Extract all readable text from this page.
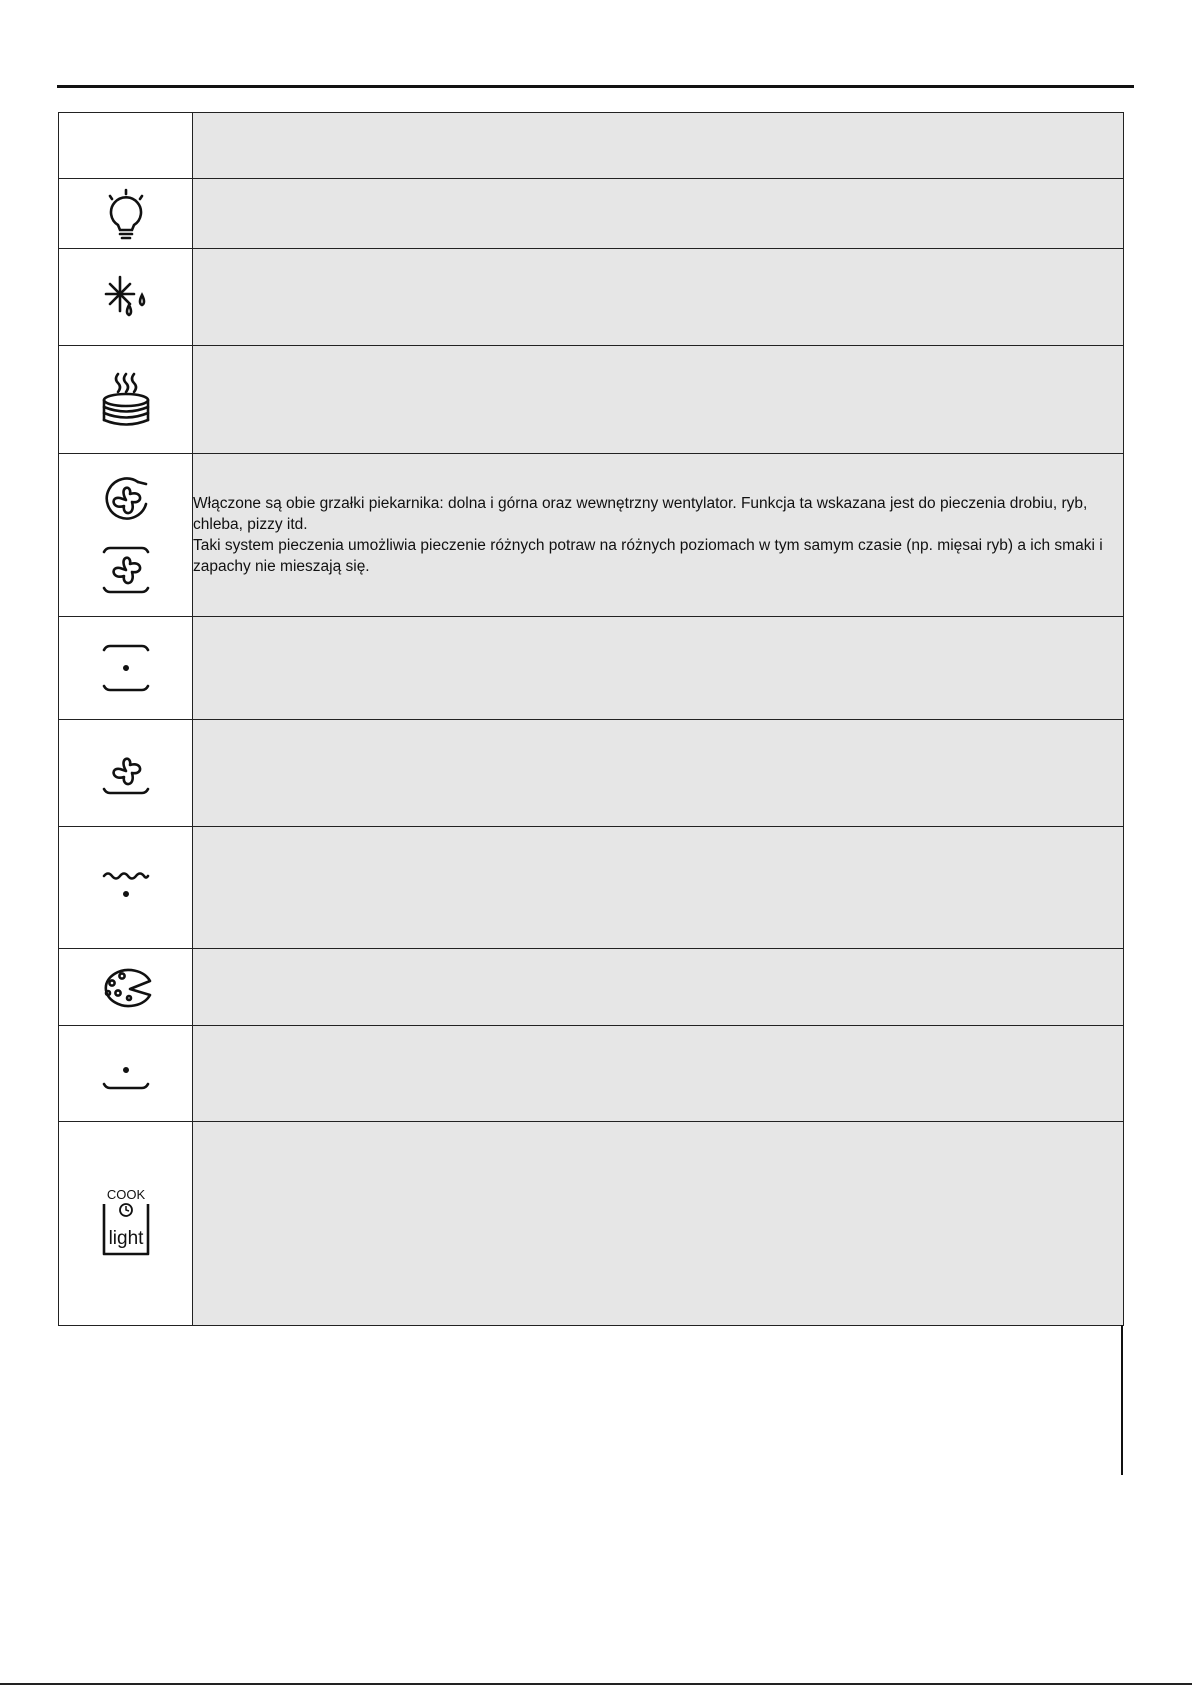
Włączone są obie grzałki piekarnika: dolna i górna oraz wewnętrzny wentylator. Funkcja ta wskazana jest do pieczenia drobiu, ryb, chleba, pizzy itd.

Taki system pieczenia umożliwia pieczenie różnych potraw na różnych poziomach w tym samym czasie (np. mięsai ryb) a ich smaki i zapachy nie mieszają się.

COOK
light	
